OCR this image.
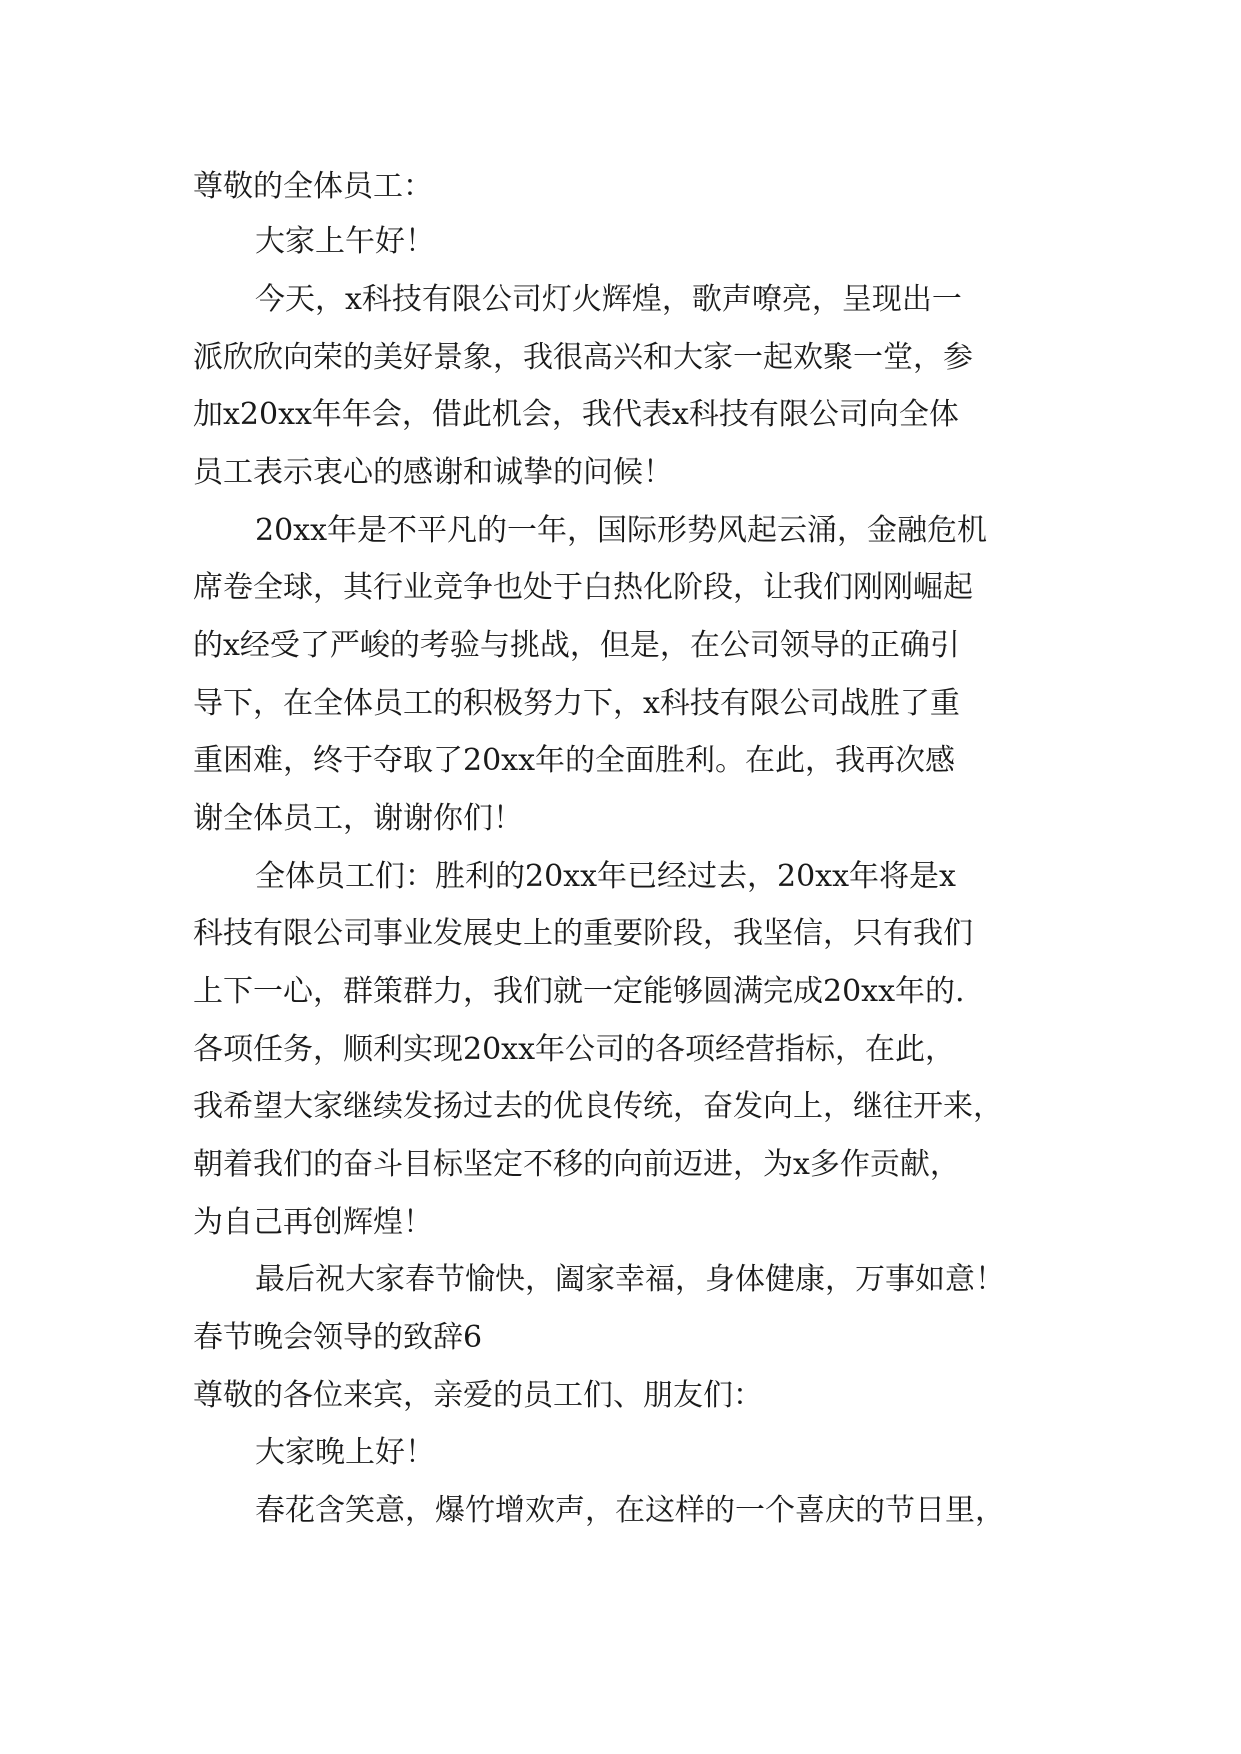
尊敬的全体员工：
大家上午好！
今天，x科技有限公司灯火辉煌，歌声嘹亮，呈现出一
派欣欣向荣的美好景象，我很高兴和大家一起欢聚一堂，参
加x20xx年年会，借此机会，我代表x科技有限公司向全体
员工表示衷心的感谢和诚挚的问候！
20xx年是不平凡的一年，国际形势风起云涌，金融危机
席卷全球，其行业竞争也处于白热化阶段，让我们刚刚崛起
的x经受了严峻的考验与挑战，但是，在公司领导的正确引
导下，在全体员工的积极努力下，x科技有限公司战胜了重
重困难，终于夺取了20xx年的全面胜利。在此，我再次感
谢全体员工，谢谢你们！
全体员工们：胜利的20xx年已经过去，20xx年将是x
科技有限公司事业发展史上的重要阶段，我坚信，只有我们
上下一心，群策群力，我们就一定能够圆满完成20xx年的.
各项任务，顺利实现20xx年公司的各项经营指标，在此，
我希望大家继续发扬过去的优良传统，奋发向上，继往开来，
朝着我们的奋斗目标坚定不移的向前迈进，为x多作贡献，
为自己再创辉煌！
最后祝大家春节愉快，阖家幸福，身体健康，万事如意！
春节晚会领导的致辞6
尊敬的各位来宾，亲爱的员工们、朋友们：
大家晚上好！
春花含笑意，爆竹增欢声，在这样的一个喜庆的节日里，
